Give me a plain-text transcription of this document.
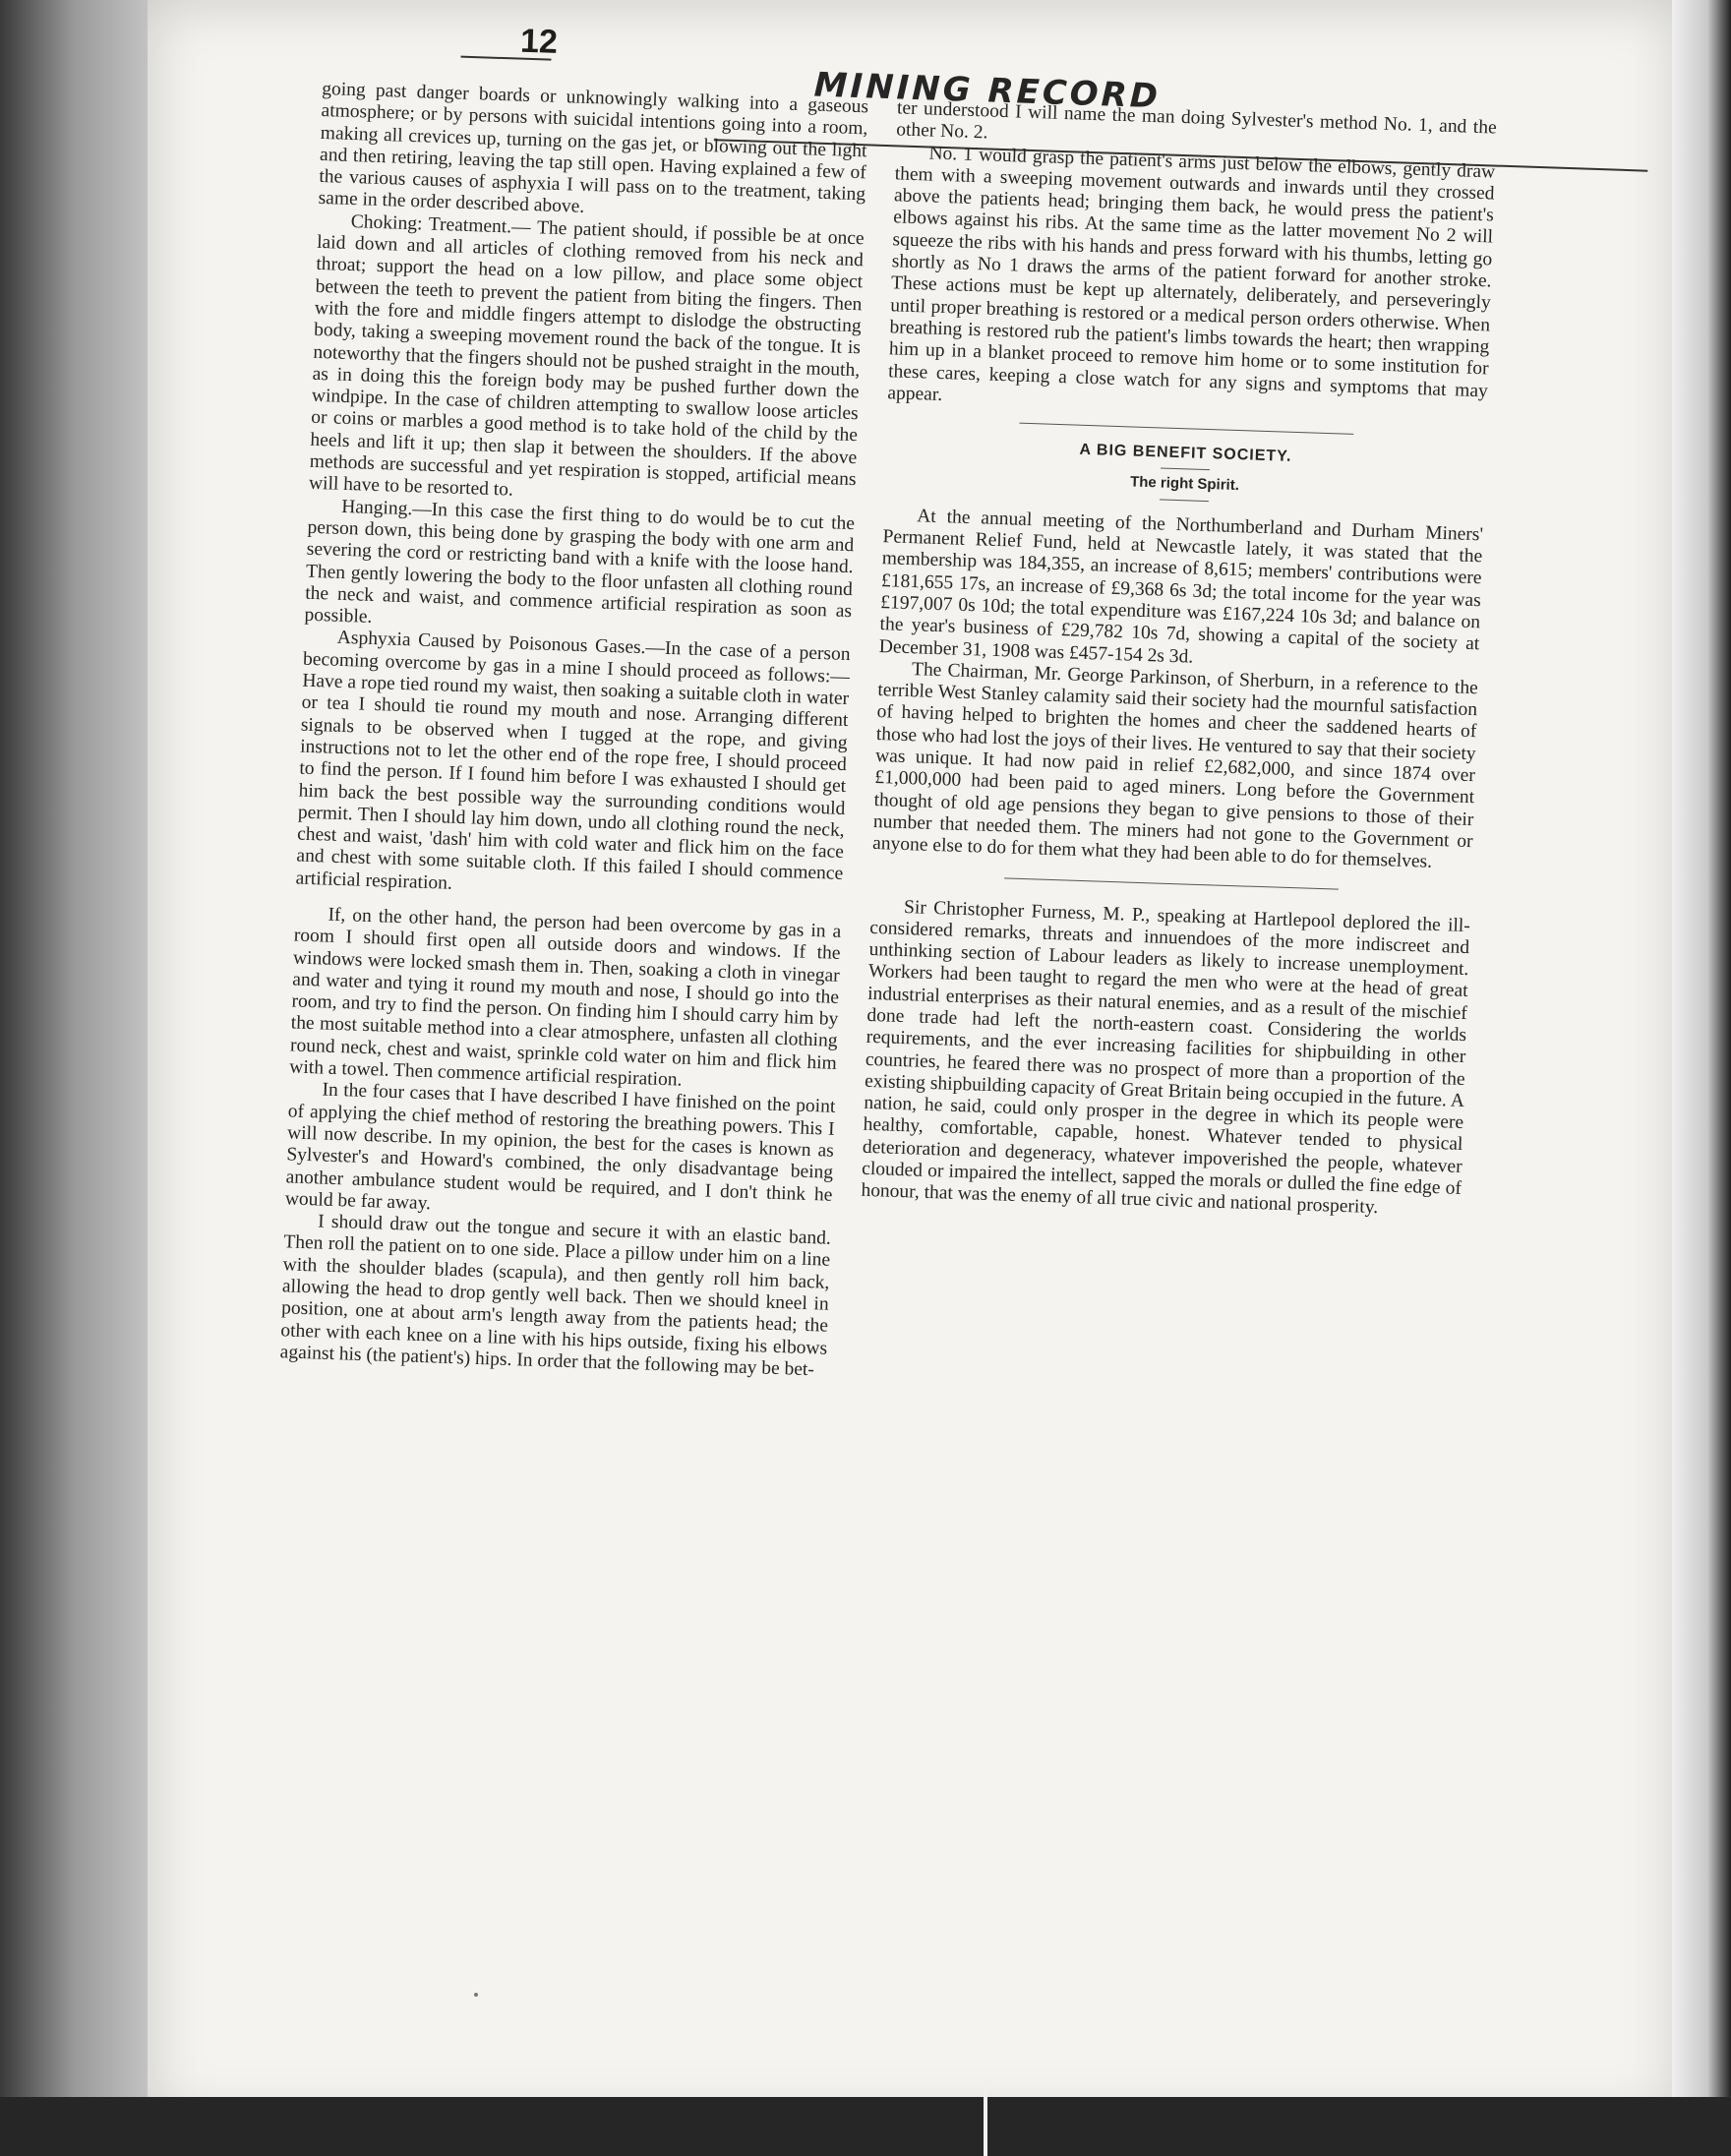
12
MINING RECORD

going past danger boards or unknowingly walking into a gaseous atmosphere; or by persons with suicidal intentions going into a room, making all crevices up, turning on the gas jet, or blowing out the light and then retiring, leaving the tap still open. Having explained a few of the various causes of asphyxia I will pass on to the treatment, taking same in the order described above.

Choking: Treatment.— The patient should, if possible be at once laid down and all articles of clothing removed from his neck and throat; support the head on a low pillow, and place some object between the teeth to prevent the patient from biting the fingers. Then with the fore and middle fingers attempt to dislodge the obstructing body, taking a sweeping movement round the back of the tongue. It is noteworthy that the fingers should not be pushed straight in the mouth, as in doing this the foreign body may be pushed further down the windpipe. In the case of children attempting to swallow loose articles or coins or marbles a good method is to take hold of the child by the heels and lift it up; then slap it between the shoulders. If the above methods are successful and yet respiration is stopped, artificial means will have to be resorted to.

Hanging.—In this case the first thing to do would be to cut the person down, this being done by grasping the body with one arm and severing the cord or restricting band with a knife with the loose hand. Then gently lowering the body to the floor unfasten all clothing round the neck and waist, and commence artificial respiration as soon as possible.

Asphyxia Caused by Poisonous Gases.—In the case of a person becoming overcome by gas in a mine I should proceed as follows:—Have a rope tied round my waist, then soaking a suitable cloth in water or tea I should tie round my mouth and nose. Arranging different signals to be observed when I tugged at the rope, and giving instructions not to let the other end of the rope free, I should proceed to find the person. If I found him before I was exhausted I should get him back the best possible way the surrounding conditions would permit. Then I should lay him down, undo all clothing round the neck, chest and waist, 'dash' him with cold water and flick him on the face and chest with some suitable cloth. If this failed I should commence artificial respiration.

If, on the other hand, the person had been overcome by gas in a room I should first open all outside doors and windows. If the windows were locked smash them in. Then, soaking a cloth in vinegar and water and tying it round my mouth and nose, I should go into the room, and try to find the person. On finding him I should carry him by the most suitable method into a clear atmosphere, unfasten all clothing round neck, chest and waist, sprinkle cold water on him and flick him with a towel. Then commence artificial respiration.

In the four cases that I have described I have finished on the point of applying the chief method of restoring the breathing powers. This I will now describe. In my opinion, the best for the cases is known as Sylvester's and Howard's combined, the only disadvantage being another ambulance student would be required, and I don't think he would be far away.

I should draw out the tongue and secure it with an elastic band. Then roll the patient on to one side. Place a pillow under him on a line with the shoulder blades (scapula), and then gently roll him back, allowing the head to drop gently well back. Then we should kneel in position, one at about arm's length away from the patients head; the other with each knee on a line with his hips outside, fixing his elbows against his (the patient's) hips. In order that the following may be bet-

ter understood I will name the man doing Sylvester's method No. 1, and the other No. 2.

No. 1 would grasp the patient's arms just below the elbows, gently draw them with a sweeping movement outwards and inwards until they crossed above the patients head; bringing them back, he would press the patient's elbows against his ribs. At the same time as the latter movement No 2 will squeeze the ribs with his hands and press forward with his thumbs, letting go shortly as No 1 draws the arms of the patient forward for another stroke. These actions must be kept up alternately, deliberately, and perseveringly until proper breathing is restored or a medical person orders otherwise. When breathing is restored rub the patient's limbs towards the heart; then wrapping him up in a blanket proceed to remove him home or to some institution for these cares, keeping a close watch for any signs and symptoms that may appear.

A BIG BENEFIT SOCIETY.
The right Spirit.

At the annual meeting of the Northumberland and Durham Miners' Permanent Relief Fund, held at Newcastle lately, it was stated that the membership was 184,355, an increase of 8,615; members' contributions were £181,655 17s, an increase of £9,368 6s 3d; the total income for the year was £197,007 0s 10d; the total expenditure was £167,224 10s 3d; and balance on the year's business of £29,782 10s 7d, showing a capital of the society at December 31, 1908 was £457-154 2s 3d.

The Chairman, Mr. George Parkinson, of Sherburn, in a reference to the terrible West Stanley calamity said their society had the mournful satisfaction of having helped to brighten the homes and cheer the saddened hearts of those who had lost the joys of their lives. He ventured to say that their society was unique. It had now paid in relief £2,682,000, and since 1874 over £1,000,000 had been paid to aged miners. Long before the Government thought of old age pensions they began to give pensions to those of their number that needed them. The miners had not gone to the Government or anyone else to do for them what they had been able to do for themselves.

Sir Christopher Furness, M. P., speaking at Hartlepool deplored the ill-considered remarks, threats and innuendoes of the more indiscreet and unthinking section of Labour leaders as likely to increase unemployment. Workers had been taught to regard the men who were at the head of great industrial enterprises as their natural enemies, and as a result of the mischief done trade had left the north-eastern coast. Considering the worlds requirements, and the ever increasing facilities for shipbuilding in other countries, he feared there was no prospect of more than a proportion of the existing shipbuilding capacity of Great Britain being occupied in the future. A nation, he said, could only prosper in the degree in which its people were healthy, comfortable, capable, honest. Whatever tended to physical deterioration and degeneracy, whatever impoverished the people, whatever clouded or impaired the intellect, sapped the morals or dulled the fine edge of honour, that was the enemy of all true civic and national prosperity.
